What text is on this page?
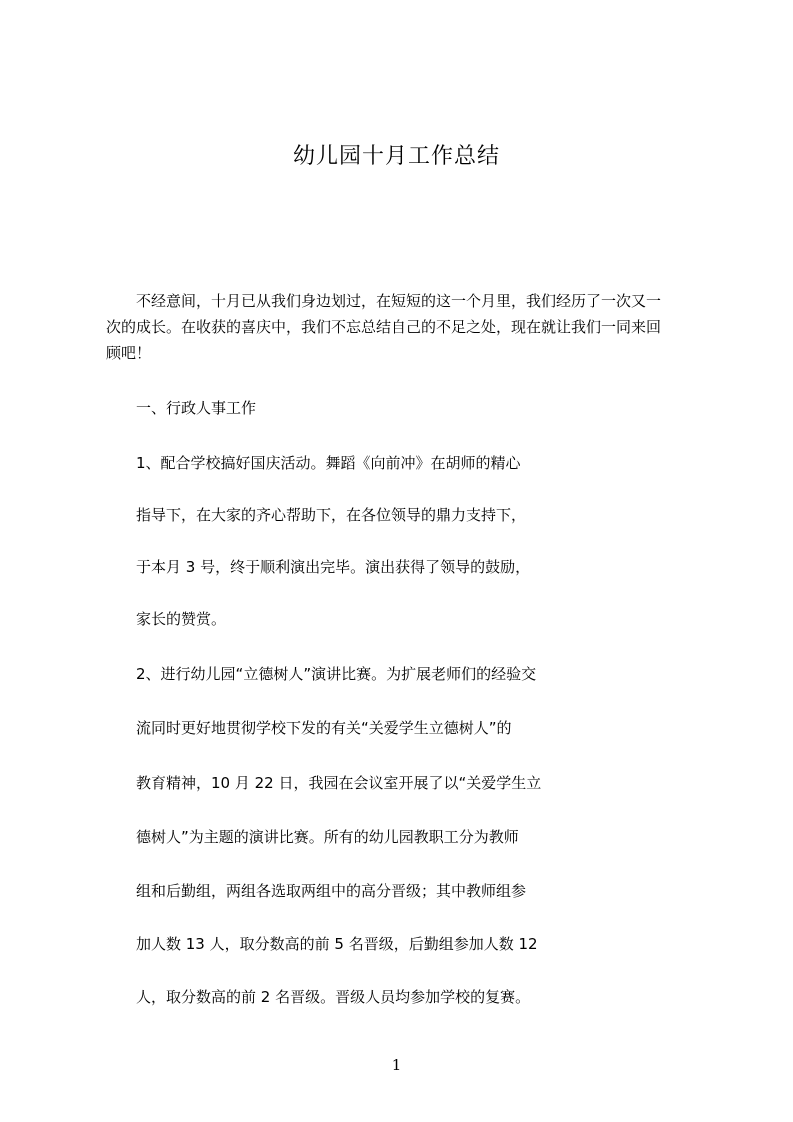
幼儿园十月工作总结
不经意间，十月已从我们身边划过，在短短的这一个月里，我们经历了一次又一
次的成长。在收获的喜庆中，我们不忘总结自己的不足之处，现在就让我们一同来回
顾吧！
一、行政人事工作
1、配合学校搞好国庆活动。舞蹈《向前冲》在胡师的精心
指导下，在大家的齐心帮助下，在各位领导的鼎力支持下，
于本月 3 号，终于顺利演出完毕。演出获得了领导的鼓励，
家长的赞赏。
2、进行幼儿园“立德树人”演讲比赛。为扩展老师们的经验交
流同时更好地贯彻学校下发的有关“关爱学生立德树人”的
教育精神，10 月 22 日，我园在会议室开展了以“关爱学生立
德树人”为主题的演讲比赛。所有的幼儿园教职工分为教师
组和后勤组，两组各选取两组中的高分晋级；其中教师组参
加人数 13 人，取分数高的前 5 名晋级，后勤组参加人数 12
人，取分数高的前 2 名晋级。晋级人员均参加学校的复赛。
1
